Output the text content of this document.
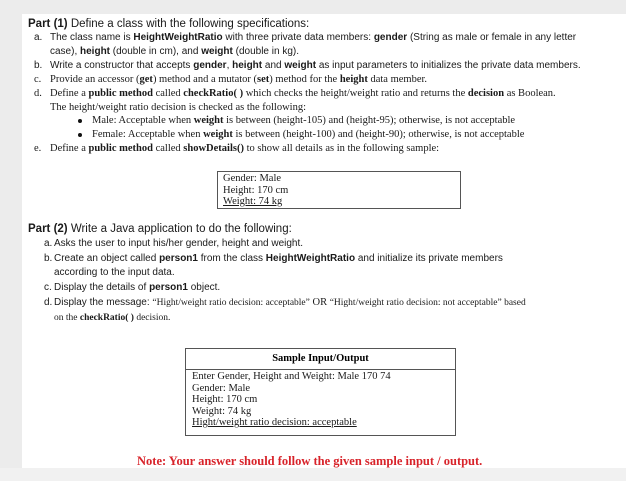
Part (1) Define a class with the following specifications:
a. The class name is HeightWeightRatio with three private data members: gender (String as male or female in any letter
case), height (double in cm), and weight (double in kg).
b. Write a constructor that accepts gender, height and weight as input parameters to initializes the private data members.
c. Provide an accessor (get) method and a mutator (set) method for the height data member.
d. Define a public method called checkRatio( ) which checks the height/weight ratio and returns the decision as Boolean.
The height/weight ratio decision is checked as the following:
Male: Acceptable when weight is between (height-105) and (height-95); otherwise, is not acceptable
Female: Acceptable when weight is between (height-100) and (height-90); otherwise, is not acceptable
e. Define a public method called showDetails() to show all details as in the following sample:
Gender: Male
Height: 170 cm
Weight: 74 kg
Part (2) Write a Java application to do the following:
a. Asks the user to input his/her gender, height and weight.
b. Create an object called person1 from the class HeightWeightRatio and initialize its private members
according to the input data.
c. Display the details of person1 object.
d. Display the message: “Hight/weight ratio decision: acceptable” OR “Hight/weight ratio decision: not acceptable” based
on the checkRatio( ) decision.
Sample Input/Output
Enter Gender, Height and Weight: Male 170 74
Gender: Male
Height: 170 cm
Weight: 74 kg
Hight/weight ratio decision: acceptable
Note: Your answer should follow the given sample input / output.
